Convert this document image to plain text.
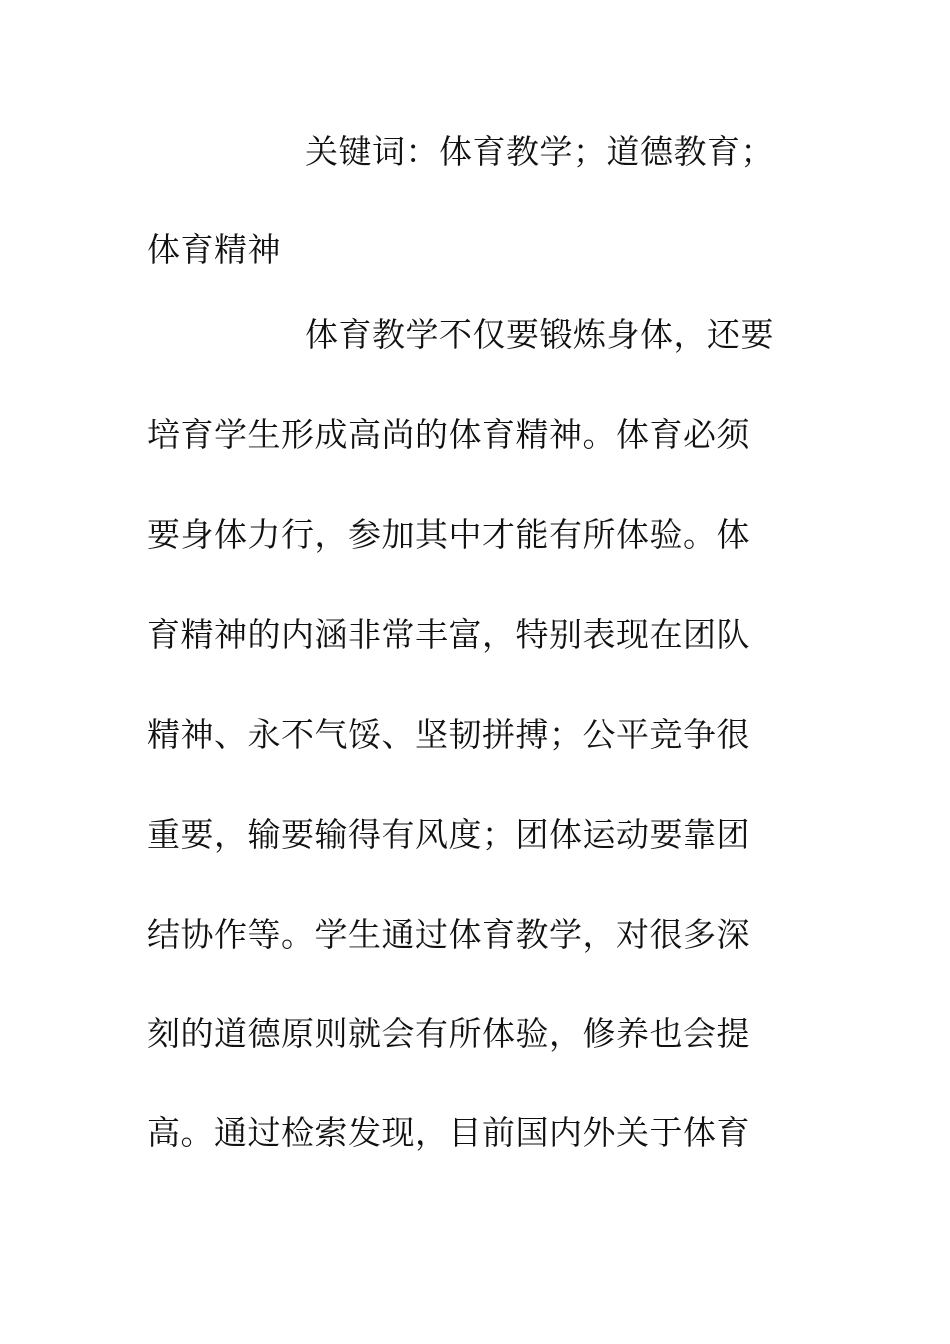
关键词：体育教学；道德教育；
体育精神
体育教学不仅要锻炼身体，还要
培育学生形成高尚的体育精神。体育必须
要身体力行，参加其中才能有所体验。体
育精神的内涵非常丰富，特别表现在团队
精神、永不气馁、坚韧拼搏；公平竞争很
重要，输要输得有风度；团体运动要靠团
结协作等。学生通过体育教学，对很多深
刻的道德原则就会有所体验，修养也会提
高。通过检索发现，目前国内外关于体育
